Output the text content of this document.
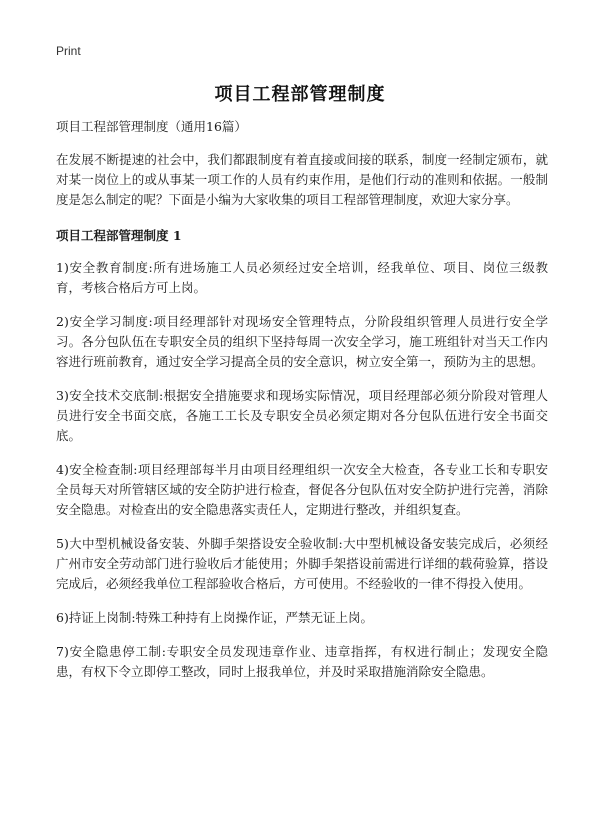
Print
项目工程部管理制度

项目工程部管理制度（通用16篇）

在发展不断提速的社会中，我们都跟制度有着直接或间接的联系，制度一经制定颁布，就对某一岗位上的或从事某一项工作的人员有约束作用，是他们行动的准则和依据。一般制度是怎么制定的呢？下面是小编为大家收集的项目工程部管理制度，欢迎大家分享。

项目工程部管理制度 1

1)安全教育制度:所有进场施工人员必须经过安全培训，经我单位、项目、岗位三级教育，考核合格后方可上岗。

2)安全学习制度:项目经理部针对现场安全管理特点，分阶段组织管理人员进行安全学习。各分包队伍在专职安全员的组织下坚持每周一次安全学习，施工班组针对当天工作内容进行班前教育，通过安全学习提高全员的安全意识，树立安全第一，预防为主的思想。

3)安全技术交底制:根据安全措施要求和现场实际情况，项目经理部必须分阶段对管理人员进行安全书面交底，各施工工长及专职安全员必须定期对各分包队伍进行安全书面交底。

4)安全检查制:项目经理部每半月由项目经理组织一次安全大检查，各专业工长和专职安全员每天对所管辖区域的安全防护进行检查，督促各分包队伍对安全防护进行完善，消除安全隐患。对检查出的安全隐患落实责任人，定期进行整改，并组织复查。

5)大中型机械设备安装、外脚手架搭设安全验收制:大中型机械设备安装完成后，必须经广州市安全劳动部门进行验收后才能使用；外脚手架搭设前需进行详细的载荷验算，搭设完成后，必须经我单位工程部验收合格后，方可使用。不经验收的一律不得投入使用。

6)持证上岗制:特殊工种持有上岗操作证，严禁无证上岗。

7)安全隐患停工制:专职安全员发现违章作业、违章指挥，有权进行制止；发现安全隐患，有权下令立即停工整改，同时上报我单位，并及时采取措施消除安全隐患。
